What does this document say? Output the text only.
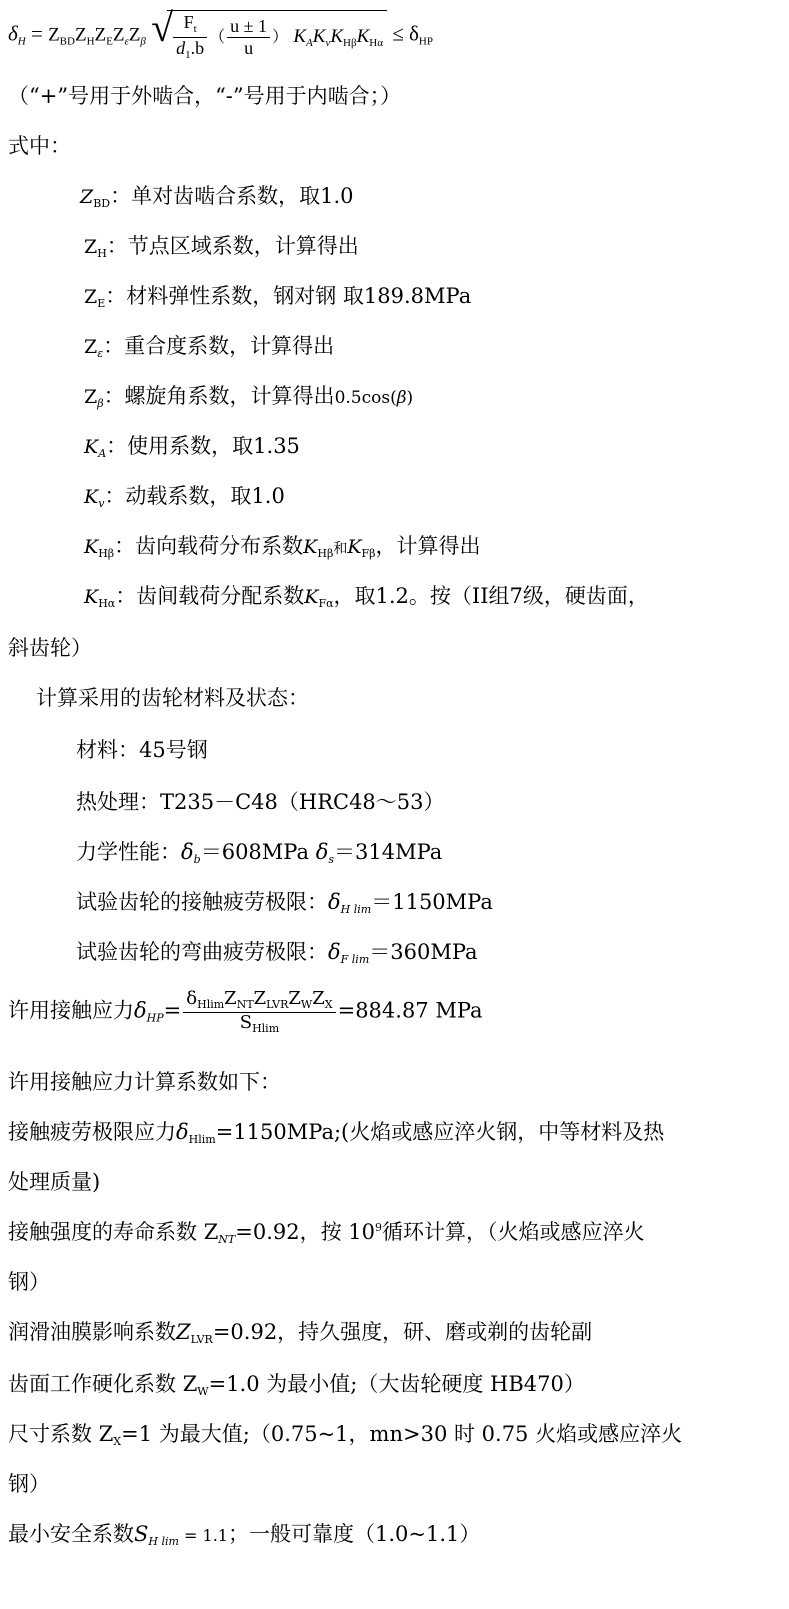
δH = ZBDZHZEZεZβ √ $\frac{F_t}{d_1.b}$ （ $\frac{u \pm 1}{u}$ ） KAKvKHβKHα ≤ δHP
（“+”号用于外啮合，“-”号用于内啮合；）
式中：
ZBD：单对齿啮合系数，取1.0
ZH：节点区域系数，计算得出
ZE：材料弹性系数，钢对钢 取189.8MPa
Zε：重合度系数，计算得出
Zβ：螺旋角系数，计算得出0.5cos(β)
KA：使用系数，取1.35
Kv：动载系数，取1.0
KHβ：齿向载荷分布系数KHβ和KFβ，计算得出
KHα：齿间载荷分配系数KFα，取1.2。按（II组7级，硬齿面，
斜齿轮）
计算采用的齿轮材料及状态：
材料：45号钢
热处理：T235－C48（HRC48～53）
力学性能：δb＝608MPa δs＝314MPa
试验齿轮的接触疲劳极限：δH lim＝1150MPa
试验齿轮的弯曲疲劳极限：δF lim＝360MPa
许用接触应力$\delta HP= \frac{\delta_{Hlim}Z_{NT}Z_{LVR}Z_WZ_X}{S_{Hlim}} =884.87$ MPa
许用接触应力计算系数如下：
接触疲劳极限应力δHlim=1150MPa;(火焰或感应淬火钢，中等材料及热
处理质量)
接触强度的寿命系数 ZNT=0.92，按 $10^9$循环计算，（火焰或感应淬火
钢）
润滑油膜影响系数ZLVR=0.92，持久强度，研、磨或剃的齿轮副
齿面工作硬化系数 ZW=1.0 为最小值;（大齿轮硬度 HB470）
尺寸系数 ZX=1 为最大值;（0.75~1，mn>30 时 0.75 火焰或感应淬火
钢）
最小安全系数SH lim = 1.1；一般可靠度（1.0~1.1）
